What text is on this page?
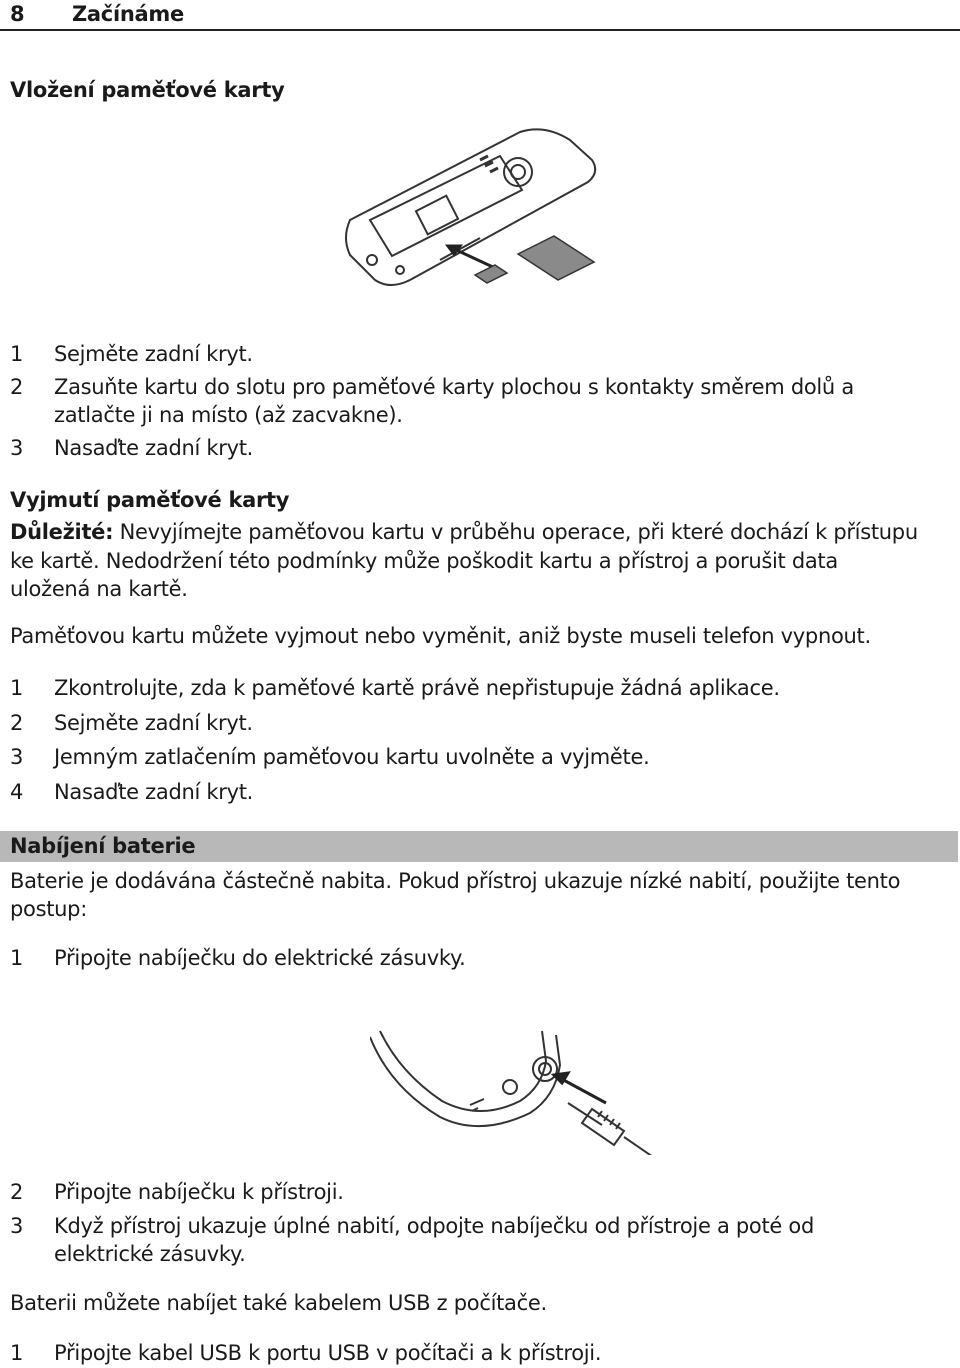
8 Začínáme
Vložení paměťové karty
1 Sejměte zadní kryt.
2 Zasuňte kartu do slotu pro paměťové karty plochou s kontakty směrem dolů a
zatlačte ji na místo (až zacvakne).
3 Nasaďte zadní kryt.
Vyjmutí paměťové karty
Důležité: Nevyjímejte paměťovou kartu v průběhu operace, při které dochází k přístupu
ke kartě. Nedodržení této podmínky může poškodit kartu a přístroj a porušit data
uložená na kartě.
Paměťovou kartu můžete vyjmout nebo vyměnit, aniž byste museli telefon vypnout.
1 Zkontrolujte, zda k paměťové kartě právě nepřistupuje žádná aplikace.
2 Sejměte zadní kryt.
3 Jemným zatlačením paměťovou kartu uvolněte a vyjměte.
4 Nasaďte zadní kryt.
Nabíjení baterie
Baterie je dodávána částečně nabita. Pokud přístroj ukazuje nízké nabití, použijte tento
postup:
1 Připojte nabíječku do elektrické zásuvky.
2 Připojte nabíječku k přístroji.
3 Když přístroj ukazuje úplné nabití, odpojte nabíječku od přístroje a poté od
elektrické zásuvky.
Baterii můžete nabíjet také kabelem USB z počítače.
1 Připojte kabel USB k portu USB v počítači a k přístroji.
